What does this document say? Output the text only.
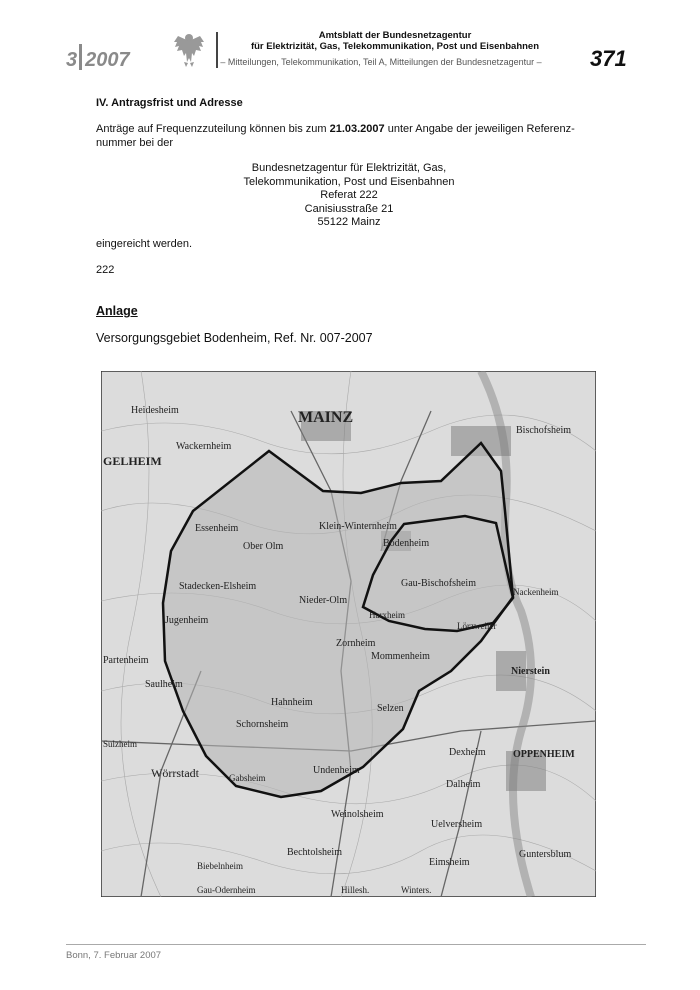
3 2007
Amtsblatt der Bundesnetzagentur
für Elektrizität, Gas, Telekommunikation, Post und Eisenbahnen
– Mitteilungen, Telekommunikation, Teil A, Mitteilungen der Bundesnetzagentur – 371
IV. Antragsfrist und Adresse
Anträge auf Frequenzzuteilung können bis zum 21.03.2007 unter Angabe der jeweiligen Referenz-
nummer bei der
Bundesnetzagentur für Elektrizität, Gas,
Telekommunikation, Post und Eisenbahnen
Referat 222
Canisiusstraße 21
55122 Mainz
eingereicht werden.
222
Anlage
Versorgungsgebiet Bodenheim, Ref. Nr. 007-2007
MAINZ
Heidesheim
Wackernheim
GELHEIM
Bischofsheim
Essenheim
Ober Olm
Klein-Winternheim
Bodenheim
Gau-Bischofsheim
Nieder-Olm
Stadecken-Elsheim
Jugenheim
Partenheim
Saulheim
Zornheim
Mommenheim
Nierstein
Harxheim
Lörzweiler
Hahnheim
Selzen
Schornsheim
Undenheim
OPPENHEIM
Dexheim
Dalheim
Wörrstadt	Gabsheim
Sulzheim
Weinolsheim
Uelversheim
Bechtolsheim
Eimsheim
Guntersblum
Biebelnheim
Gau-Odernheim	Hillesh.	Winters.
Nackenheim
Bonn, 7. Februar 2007
